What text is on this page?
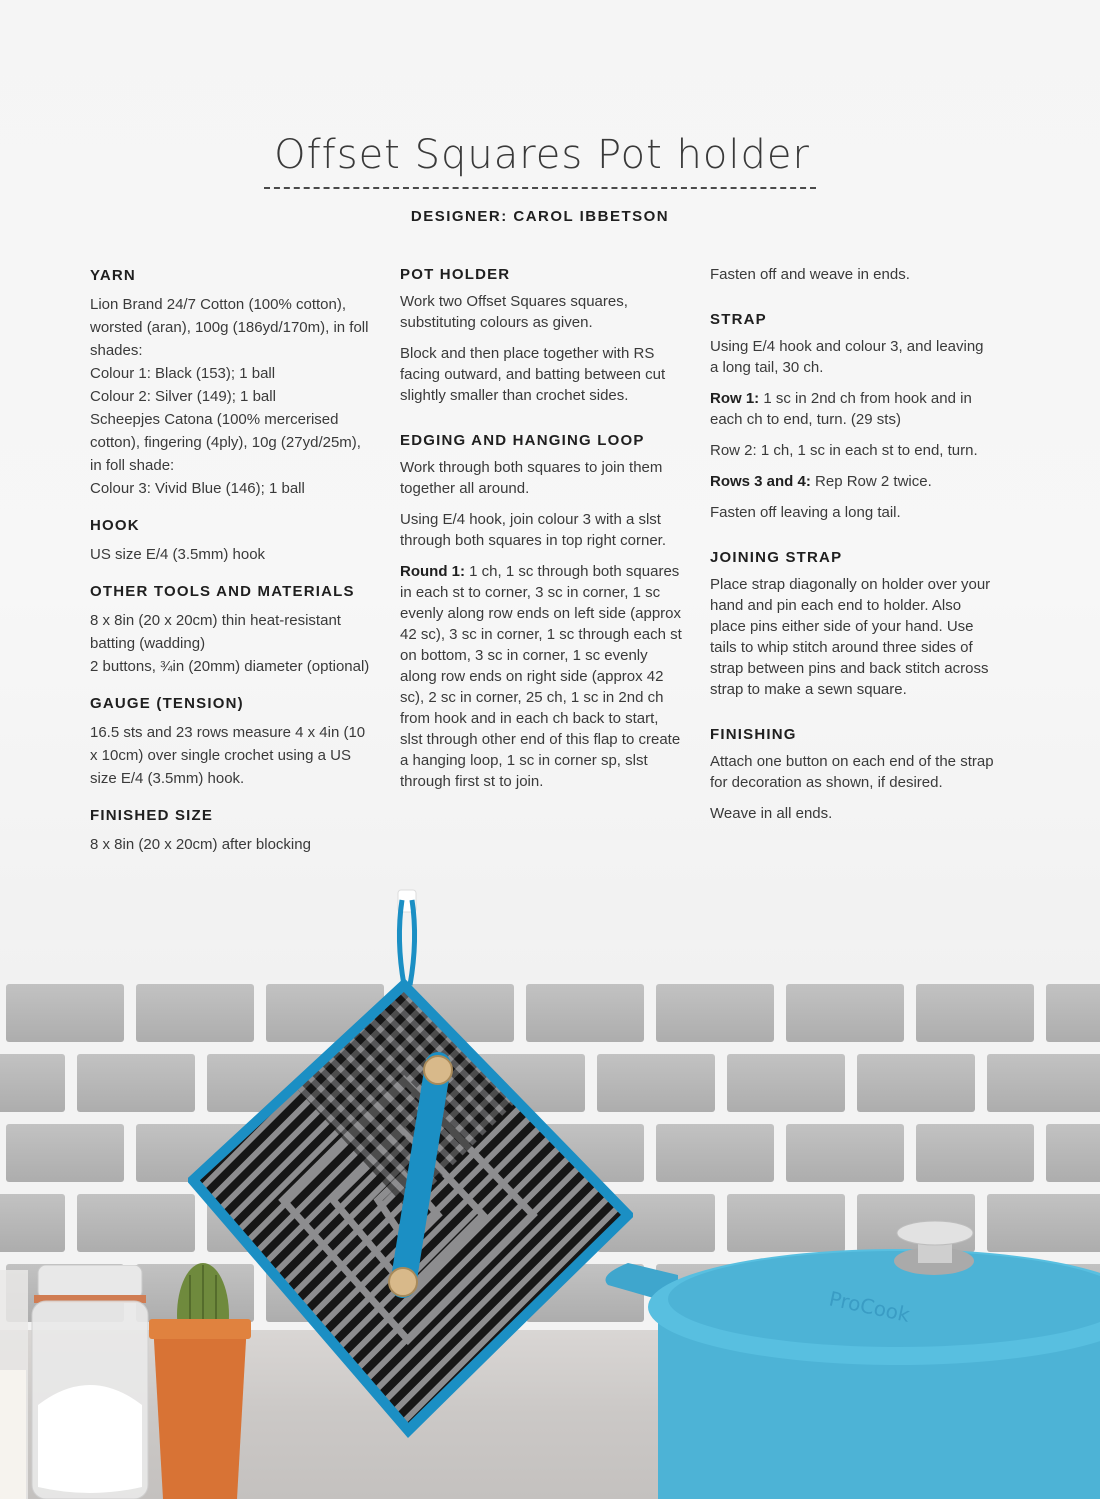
Offset Squares Pot holder
DESIGNER: CAROL IBBETSON
YARN
Lion Brand 24/7 Cotton (100% cotton), worsted (aran), 100g (186yd/170m), in foll shades:
Colour 1: Black (153); 1 ball
Colour 2: Silver (149); 1 ball
Scheepjes Catona (100% mercerised cotton), fingering (4ply), 10g (27yd/25m), in foll shade:
Colour 3: Vivid Blue (146); 1 ball
HOOK
US size E/4 (3.5mm) hook
OTHER TOOLS AND MATERIALS
8 x 8in (20 x 20cm) thin heat-resistant batting (wadding)
2 buttons, ¾in (20mm) diameter (optional)
GAUGE (TENSION)
16.5 sts and 23 rows measure 4 x 4in (10 x 10cm) over single crochet using a US size E/4 (3.5mm) hook.
FINISHED SIZE
8 x 8in (20 x 20cm) after blocking
POT HOLDER
Work two Offset Squares squares, substituting colours as given.
Block and then place together with RS facing outward, and batting between cut slightly smaller than crochet sides.
EDGING AND HANGING LOOP
Work through both squares to join them together all around.
Using E/4 hook, join colour 3 with a slst through both squares in top right corner.
Round 1: 1 ch, 1 sc through both squares in each st to corner, 3 sc in corner, 1 sc evenly along row ends on left side (approx 42 sc), 3 sc in corner, 1 sc through each st on bottom, 3 sc in corner, 1 sc evenly along row ends on right side (approx 42 sc), 2 sc in corner, 25 ch, 1 sc in 2nd ch from hook and in each ch back to start, slst through other end of this flap to create a hanging loop, 1 sc in corner sp, slst through first st to join.
Fasten off and weave in ends.
STRAP
Using E/4 hook and colour 3, and leaving a long tail, 30 ch.
Row 1: 1 sc in 2nd ch from hook and in each ch to end, turn. (29 sts)
Row 2: 1 ch, 1 sc in each st to end, turn.
Rows 3 and 4: Rep Row 2 twice.
Fasten off leaving a long tail.
JOINING STRAP
Place strap diagonally on holder over your hand and pin each end to holder. Also place pins either side of your hand. Use tails to whip stitch around three sides of strap between pins and back stitch across strap to make a sewn square.
FINISHING
Attach one button on each end of the strap for decoration as shown, if desired.
Weave in all ends.
ProCook
